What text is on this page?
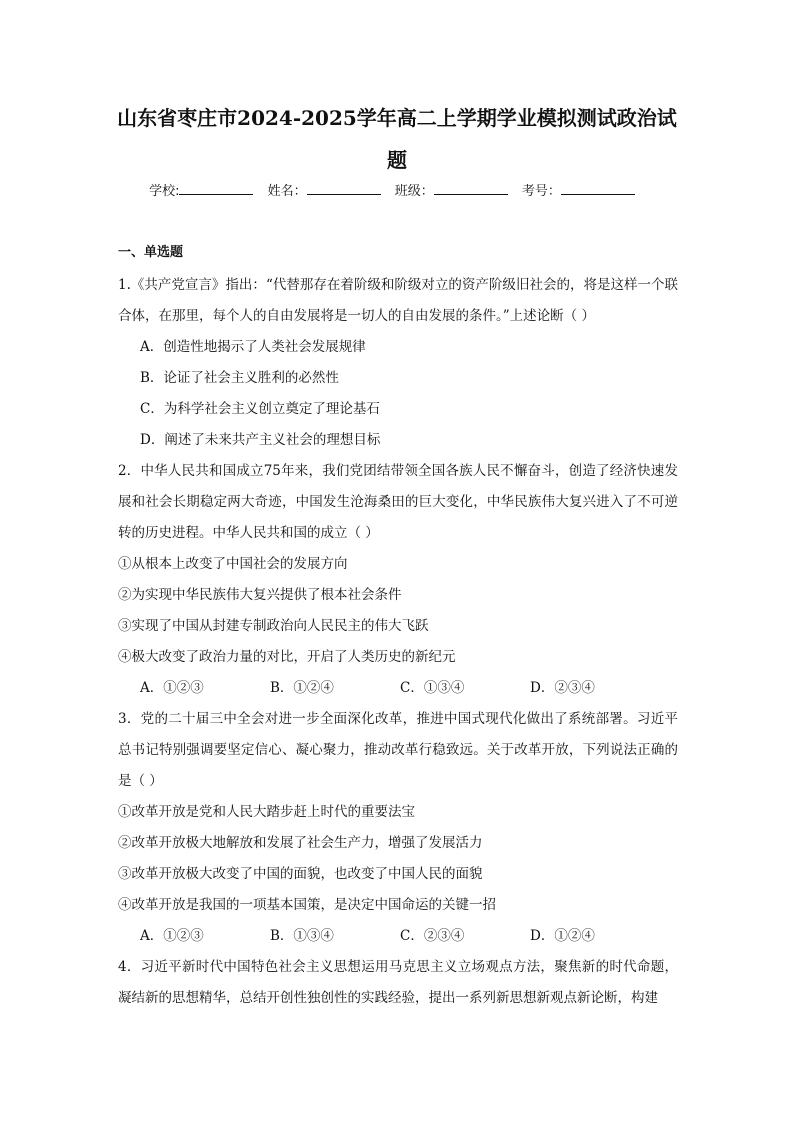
山东省枣庄市2024-2025学年高二上学期学业模拟测试政治试
题
学校:	姓名：	班级：	考号：
一、单选题

1.《共产党宣言》指出：“代替那存在着阶级和阶级对立的资产阶级旧社会的，将是这样一个联合体，在那里，每个人的自由发展将是一切人的自由发展的条件。”上述论断（ ）

A．创造性地揭示了人类社会发展规律

B．论证了社会主义胜利的必然性

C．为科学社会主义创立奠定了理论基石

D．阐述了未来共产主义社会的理想目标

2．中华人民共和国成立75年来，我们党团结带领全国各族人民不懈奋斗，创造了经济快速发展和社会长期稳定两大奇迹，中国发生沧海桑田的巨大变化，中华民族伟大复兴进入了不可逆转的历史进程。中华人民共和国的成立（ ）

①从根本上改变了中国社会的发展方向

②为实现中华民族伟大复兴提供了根本社会条件

③实现了中国从封建专制政治向人民民主的伟大飞跃

④极大改变了政治力量的对比，开启了人类历史的新纪元

A．①②③	B．①②④	C．①③④	D．②③④

3．党的二十届三中全会对进一步全面深化改革，推进中国式现代化做出了系统部署。习近平总书记特别强调要坚定信心、凝心聚力，推动改革行稳致远。关于改革开放，下列说法正确的是（ ）

①改革开放是党和人民大踏步赶上时代的重要法宝

②改革开放极大地解放和发展了社会生产力，增强了发展活力

③改革开放极大改变了中国的面貌，也改变了中国人民的面貌

④改革开放是我国的一项基本国策，是决定中国命运的关键一招

A．①②③	B．①③④	C．②③④	D．①②④

4．习近平新时代中国特色社会主义思想运用马克思主义立场观点方法，聚焦新的时代命题，凝结新的思想精华，总结开创性独创性的实践经验，提出一系列新思想新观点新论断，构建
